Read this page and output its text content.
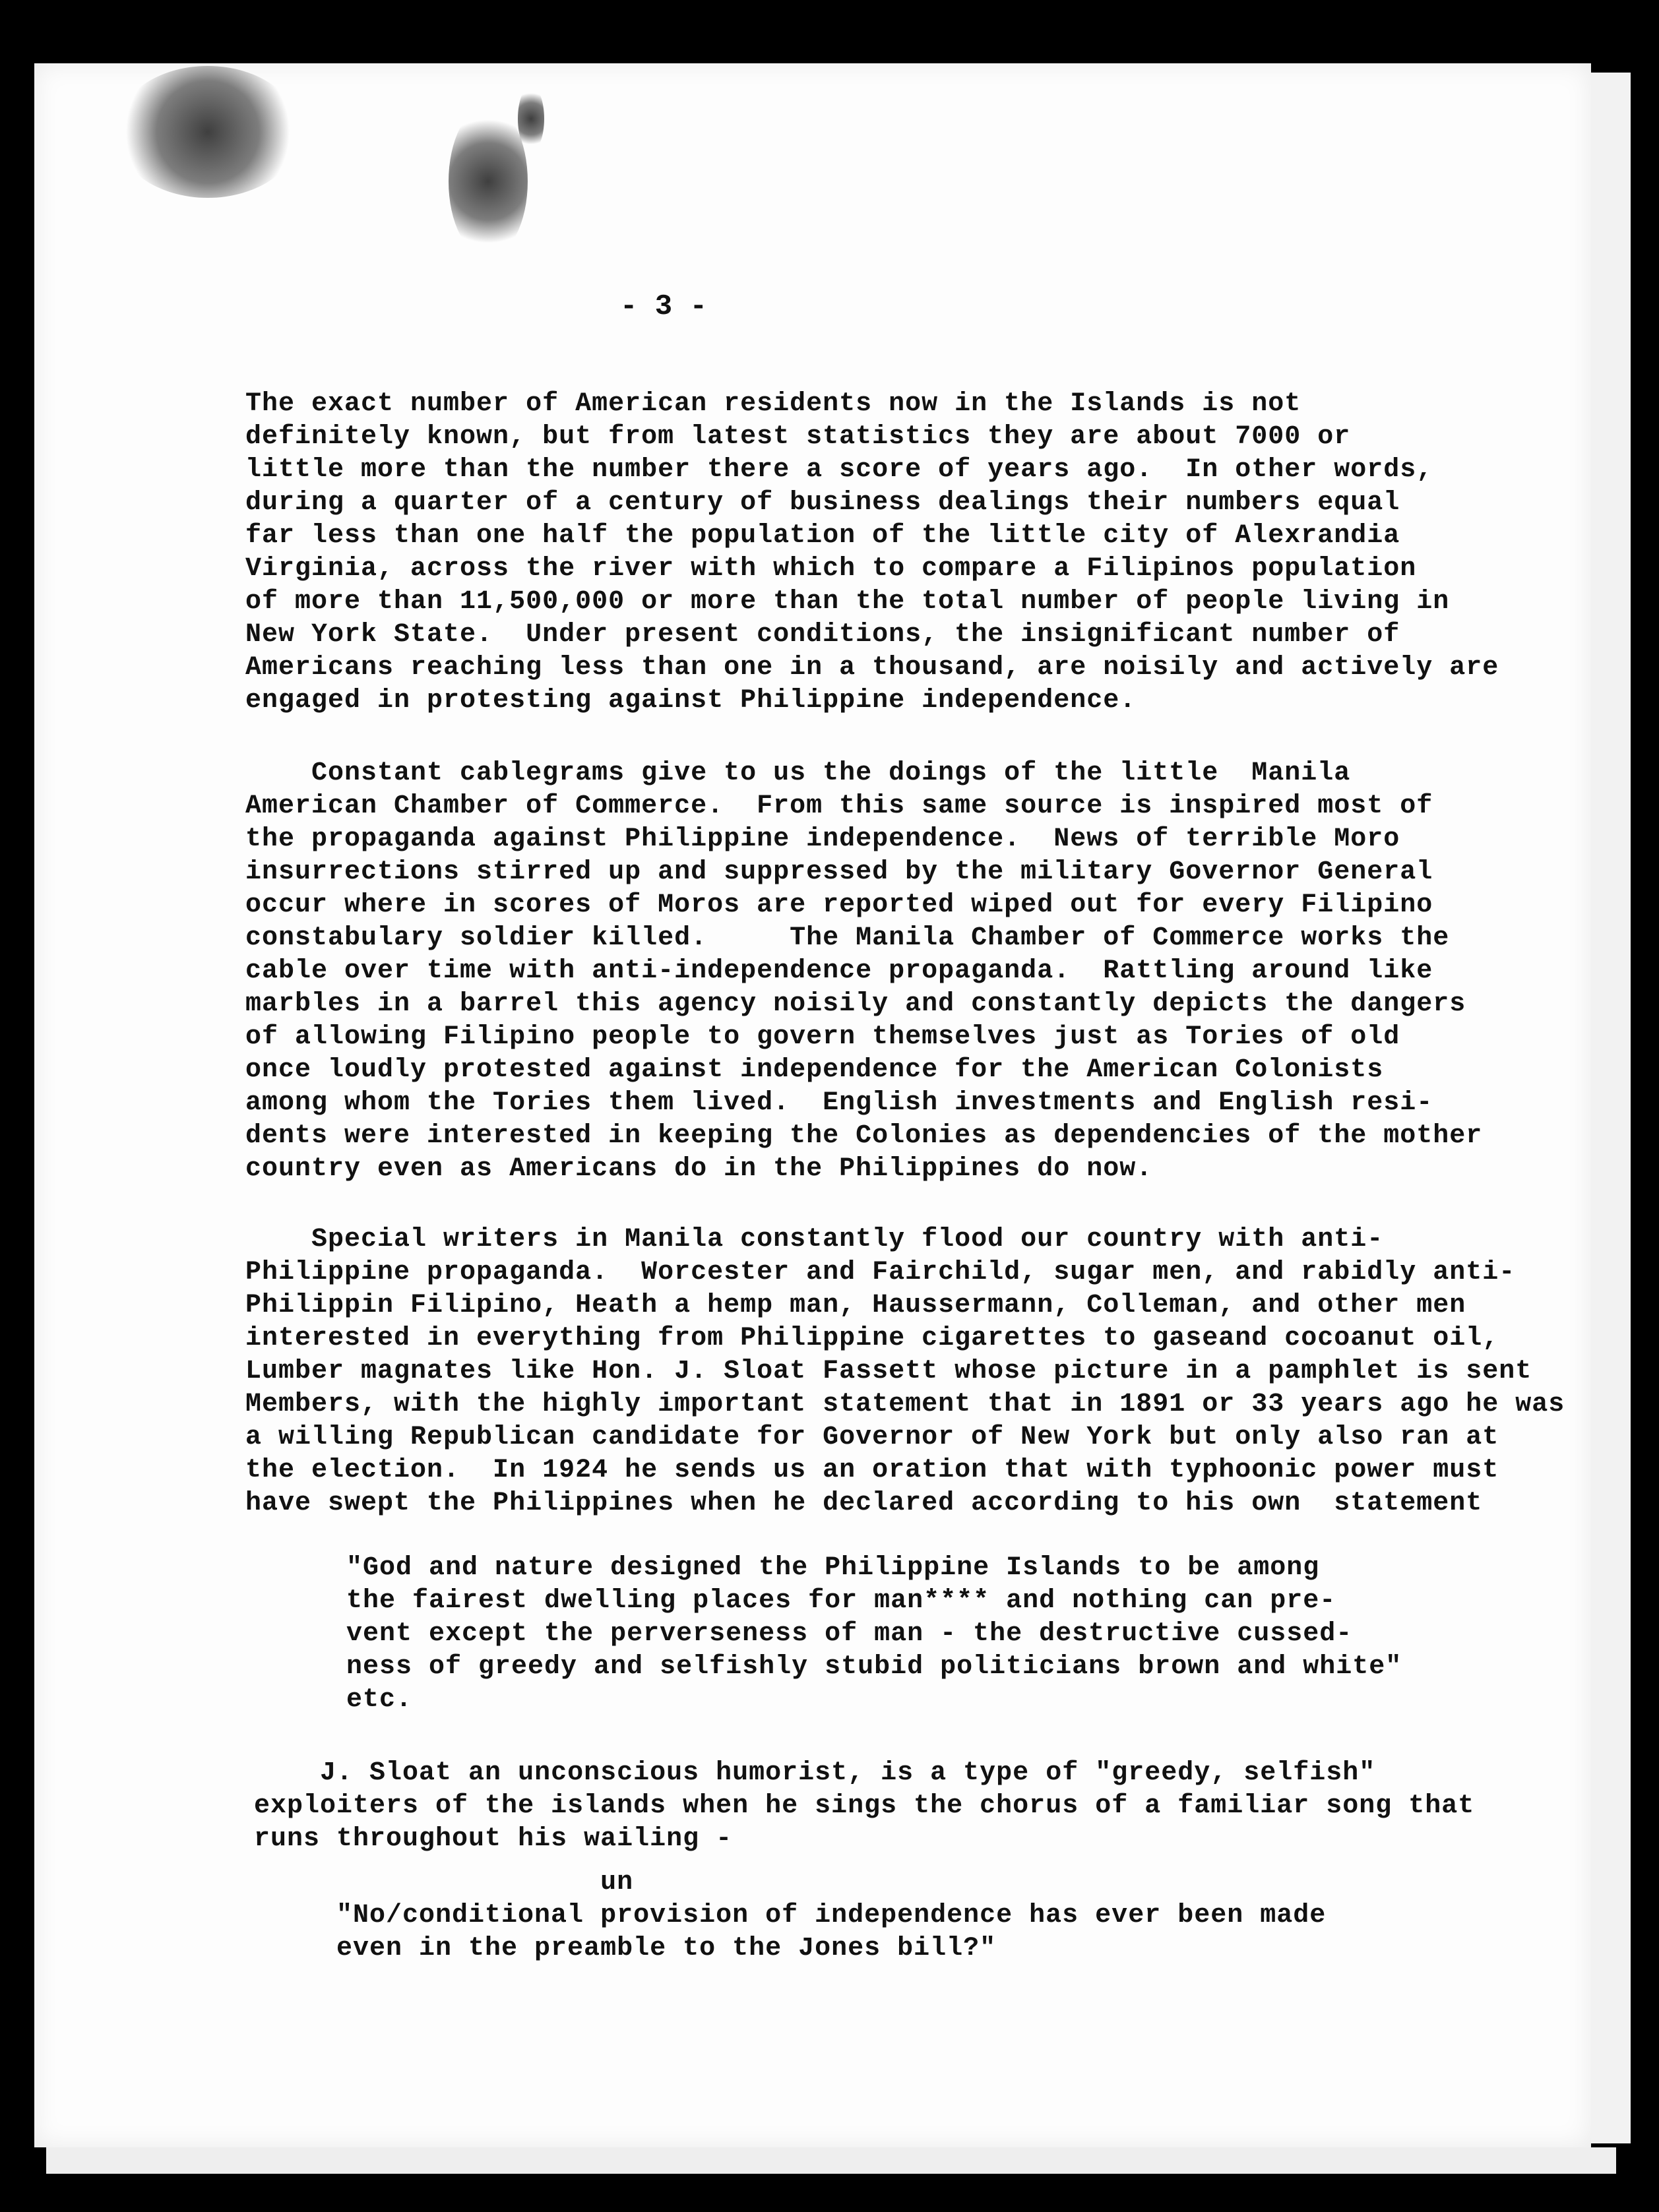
- 3 -
The exact number of American residents now in the Islands is not
definitely known, but from latest statistics they are about 7000 or
little more than the number there a score of years ago.  In other words,
during a quarter of a century of business dealings their numbers equal
far less than one half the population of the little city of Alexrandia
Virginia, across the river with which to compare a Filipinos population
of more than 11,500,000 or more than the total number of people living in
New York State.  Under present conditions, the insignificant number of
Americans reaching less than one in a thousand, are noisily and actively are
engaged in protesting against Philippine independence.
Constant cablegrams give to us the doings of the little  Manila
American Chamber of Commerce.  From this same source is inspired most of
the propaganda against Philippine independence.  News of terrible Moro
insurrections stirred up and suppressed by the military Governor General
occur where in scores of Moros are reported wiped out for every Filipino
constabulary soldier killed.     The Manila Chamber of Commerce works the
cable over time with anti-independence propaganda.  Rattling around like
marbles in a barrel this agency noisily and constantly depicts the dangers
of allowing Filipino people to govern themselves just as Tories of old
once loudly protested against independence for the American Colonists
among whom the Tories them lived.  English investments and English resi-
dents were interested in keeping the Colonies as dependencies of the mother
country even as Americans do in the Philippines do now.
Special writers in Manila constantly flood our country with anti-
Philippine propaganda.  Worcester and Fairchild, sugar men, and rabidly anti-
Philippin Filipino, Heath a hemp man, Haussermann, Colleman, and other men
interested in everything from Philippine cigarettes to gaseand cocoanut oil,
Lumber magnates like Hon. J. Sloat Fassett whose picture in a pamphlet is sent
Members, with the highly important statement that in 1891 or 33 years ago he was
a willing Republican candidate for Governor of New York but only also ran at
the election.  In 1924 he sends us an oration that with typhoonic power must
have swept the Philippines when he declared according to his own  statement
"God and nature designed the Philippine Islands to be among
the fairest dwelling places for man**** and nothing can pre-
vent except the perverseness of man - the destructive cussed-
ness of greedy and selfishly stubid politicians brown and white"
etc.
J. Sloat an unconscious humorist, is a type of "greedy, selfish"
exploiters of the islands when he sings the chorus of a familiar song that
runs throughout his wailing -
un
"No/conditional provision of independence has ever been made
even in the preamble to the Jones bill?"
